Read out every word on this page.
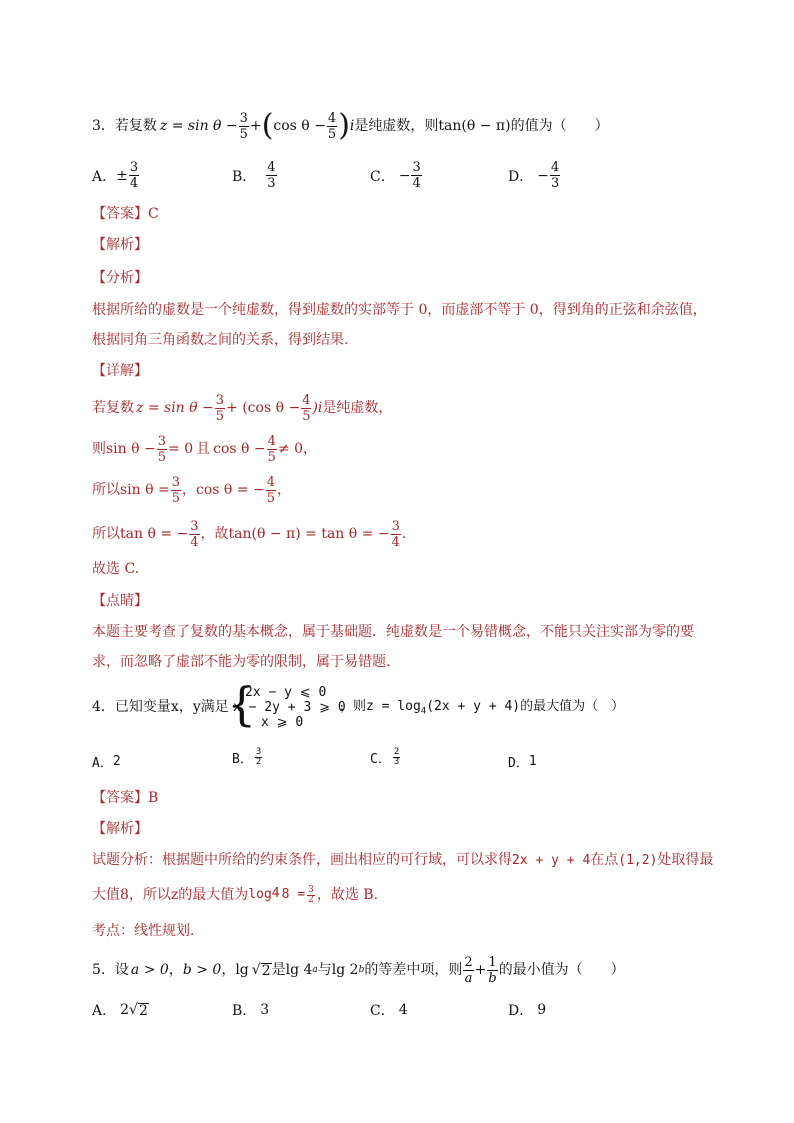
3． 若复数 $z = \sin \theta - \frac{3}{5}$ + ( $\cos \theta - \frac{4}{5}$ ) i 是纯虚数，则 tan(θ − π) 的值为（　　）
A． ± $\frac{3}{4}$	B． $\frac{4}{3}$	C． − $\frac{3}{4}$	D． − $\frac{4}{3}$
【答案】C
【解析】
【分析】
根据所给的虚数是一个纯虚数，得到虚数的实部等于 0，而虚部不等于 0，得到角的正弦和余弦值，
根据同角三角函数之间的关系，得到结果.
【详解】
若复数 $z = \sin \theta - \frac{3}{5} + (\cos$ $\theta - \frac{4}{5} )i$ 是纯虚数，
则 $\sin \theta - \frac{3}{5} = 0$ 且 $\cos \theta - \frac{4}{5} \ne 0$，
所以 $\sin \theta = \frac{3}{5}$ ， cos θ = − $\frac{4}{5}$ ，
所以 tan θ = − $\frac{3}{4}$ ，故 tan(θ − π) = tan θ = − $\frac{3}{4}$ .
故选 C.
【点睛】
本题主要考查了复数的基本概念，属于基础题．纯虚数是一个易错概念，不能只关注实部为零的要
求，而忽略了虚部不能为零的限制，属于易错题.
4．已知变量x，y满足
{
2x − y ⩽ 0
x − 2y + 3 ⩾ 0
x ⩾ 0
，则$z = \log_4(2x + y + 4)$的最大值为（　）
A． 2	B． 3
2	C． 2
3	D． 1
【答案】B
【解析】
试题分析：根据题中所给的约束条件，画出相应的可行域，可以求得2x + y + 4在点(1,2)处取得最
大值8，所以z的最大值为 log 4 $8 = \frac{3}{2}$ ，故选 B.
考点：线性规划．
5． 设 a > 0 ， b > 0 ， lg √ 2 是 lg 4 a 与 lg 2 b 的等差中项，则 $\frac{2}{a} + \frac{1}{b}$ 的最小值为（　　）
A． 2 √ 2	B． 3	C． 4	D． 9
